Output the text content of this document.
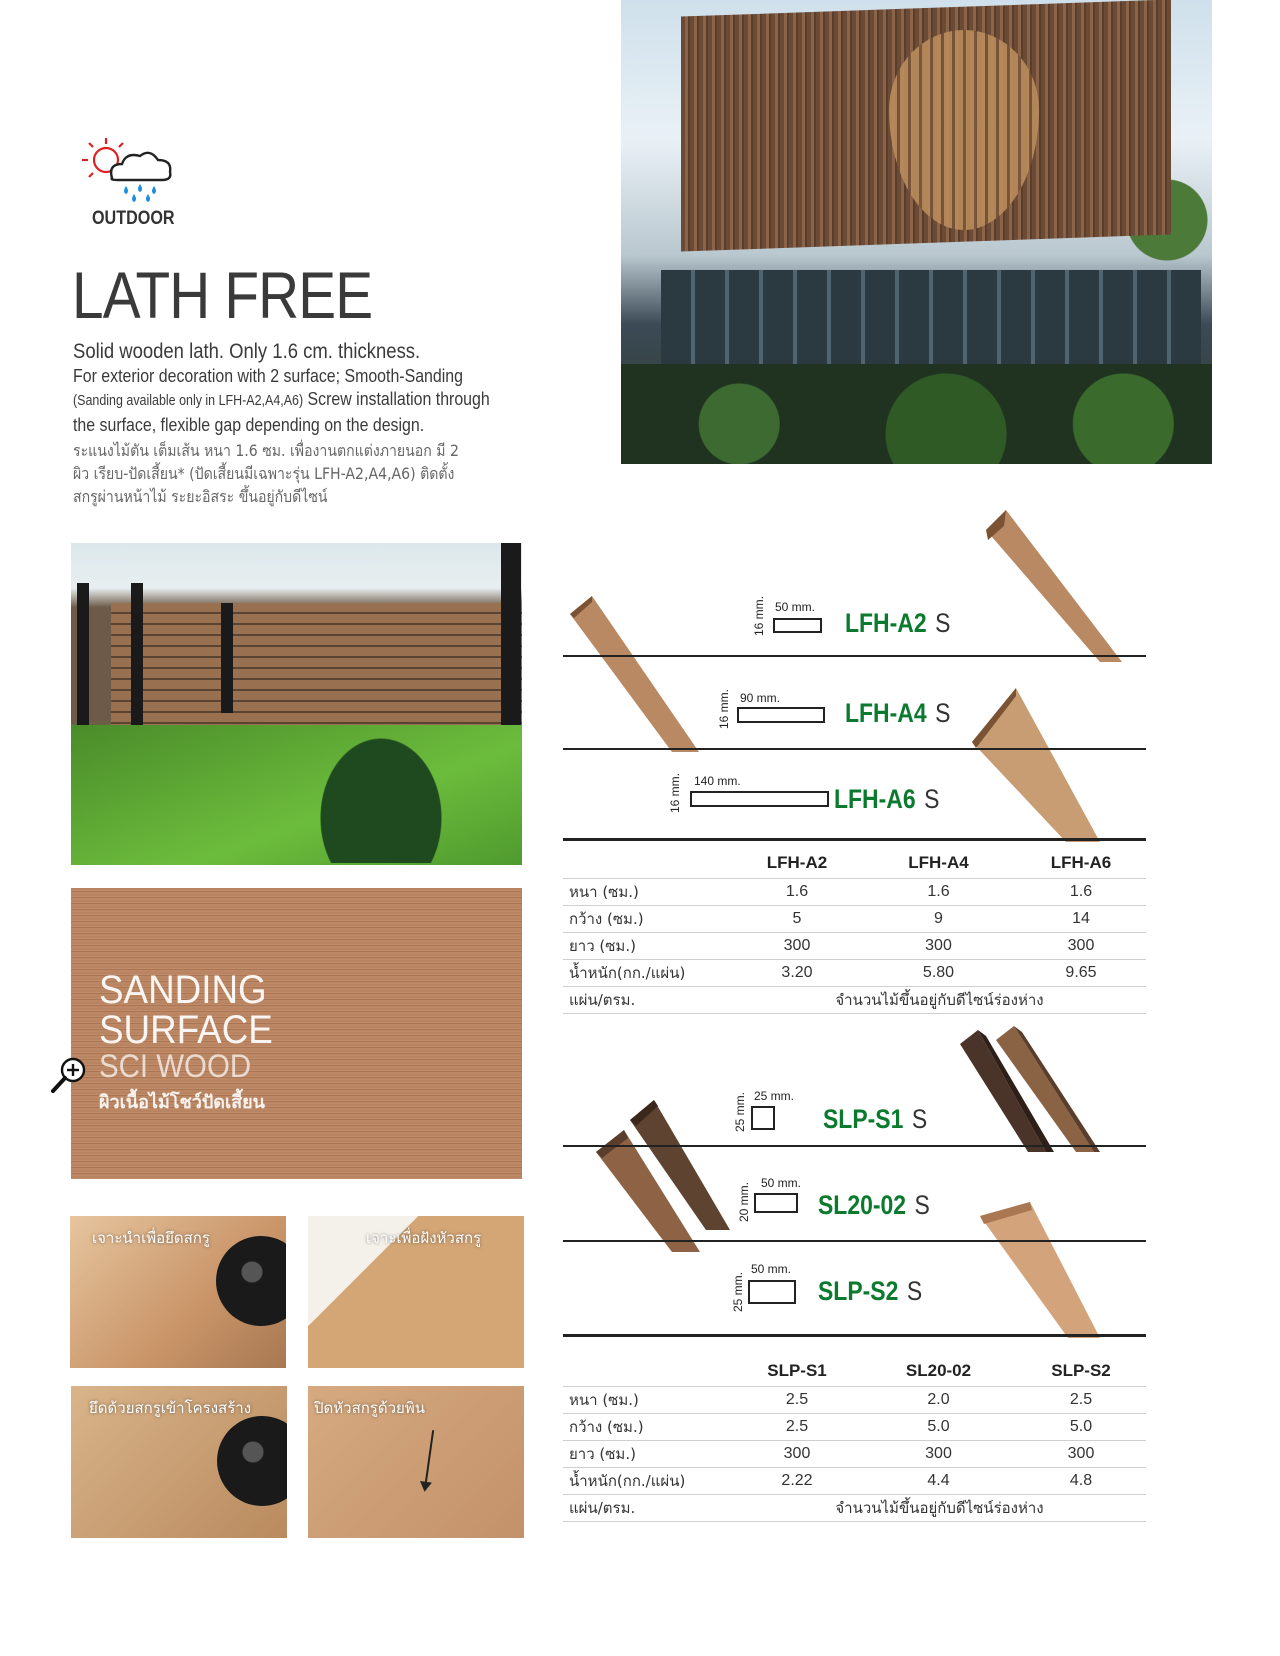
OUTDOOR
LATH FREE
Solid wooden lath. Only 1.6 cm. thickness.
For exterior decoration with 2 surface; Smooth-Sanding
(Sanding available only in LFH-A2,A4,A6) Screw installation through
the surface, flexible gap depending on the design.
ระแนงไม้ตัน เต็มเส้น หนา 1.6 ซม. เพื่องานตกแต่งภายนอก มี 2
ผิว เรียบ-ปัดเสี้ยน* (ปัดเสี้ยนมีเฉพาะรุ่น LFH-A2,A4,A6) ติดตั้ง
สกรูผ่านหน้าไม้ ระยะอิสระ ขึ้นอยู่กับดีไซน์
SANDING
SURFACE
SCI WOOD
ผิวเนื้อไม้โชว์ปัดเสี้ยน
เจาะนำเพื่อยึดสกรู	เจาะเพื่อฝังหัวสกรู
ยึดด้วยสกรูเข้าโครงสร้าง	ปิดหัวสกรูด้วยพิน
50 mm.
16 mm.	LFH-A2 S
90 mm.
16 mm.	LFH-A4 S
140 mm.
16 mm.	LFH-A6 S
	LFH-A2	LFH-A4	LFH-A6
หนา (ซม.)	1.6	1.6	1.6
กว้าง (ซม.)	5	9	14
ยาว (ซม.)	300	300	300
น้ำหนัก(กก./แผ่น)	3.20	5.80	9.65
แผ่น/ตรม.	จำนวนไม้ขึ้นอยู่กับดีไซน์ร่องห่าง		
25 mm.
25 mm.	SLP-S1 S
50 mm.
20 mm. SL20-02 S
50 mm.
25 mm.	SLP-S2 S
	SLP-S1	SL20-02	SLP-S2
หนา (ซม.)	2.5	2.0	2.5
กว้าง (ซม.)	2.5	5.0	5.0
ยาว (ซม.)	300	300	300
น้ำหนัก(กก./แผ่น)	2.22	4.4	4.8
แผ่น/ตรม.	จำนวนไม้ขึ้นอยู่กับดีไซน์ร่องห่าง		
